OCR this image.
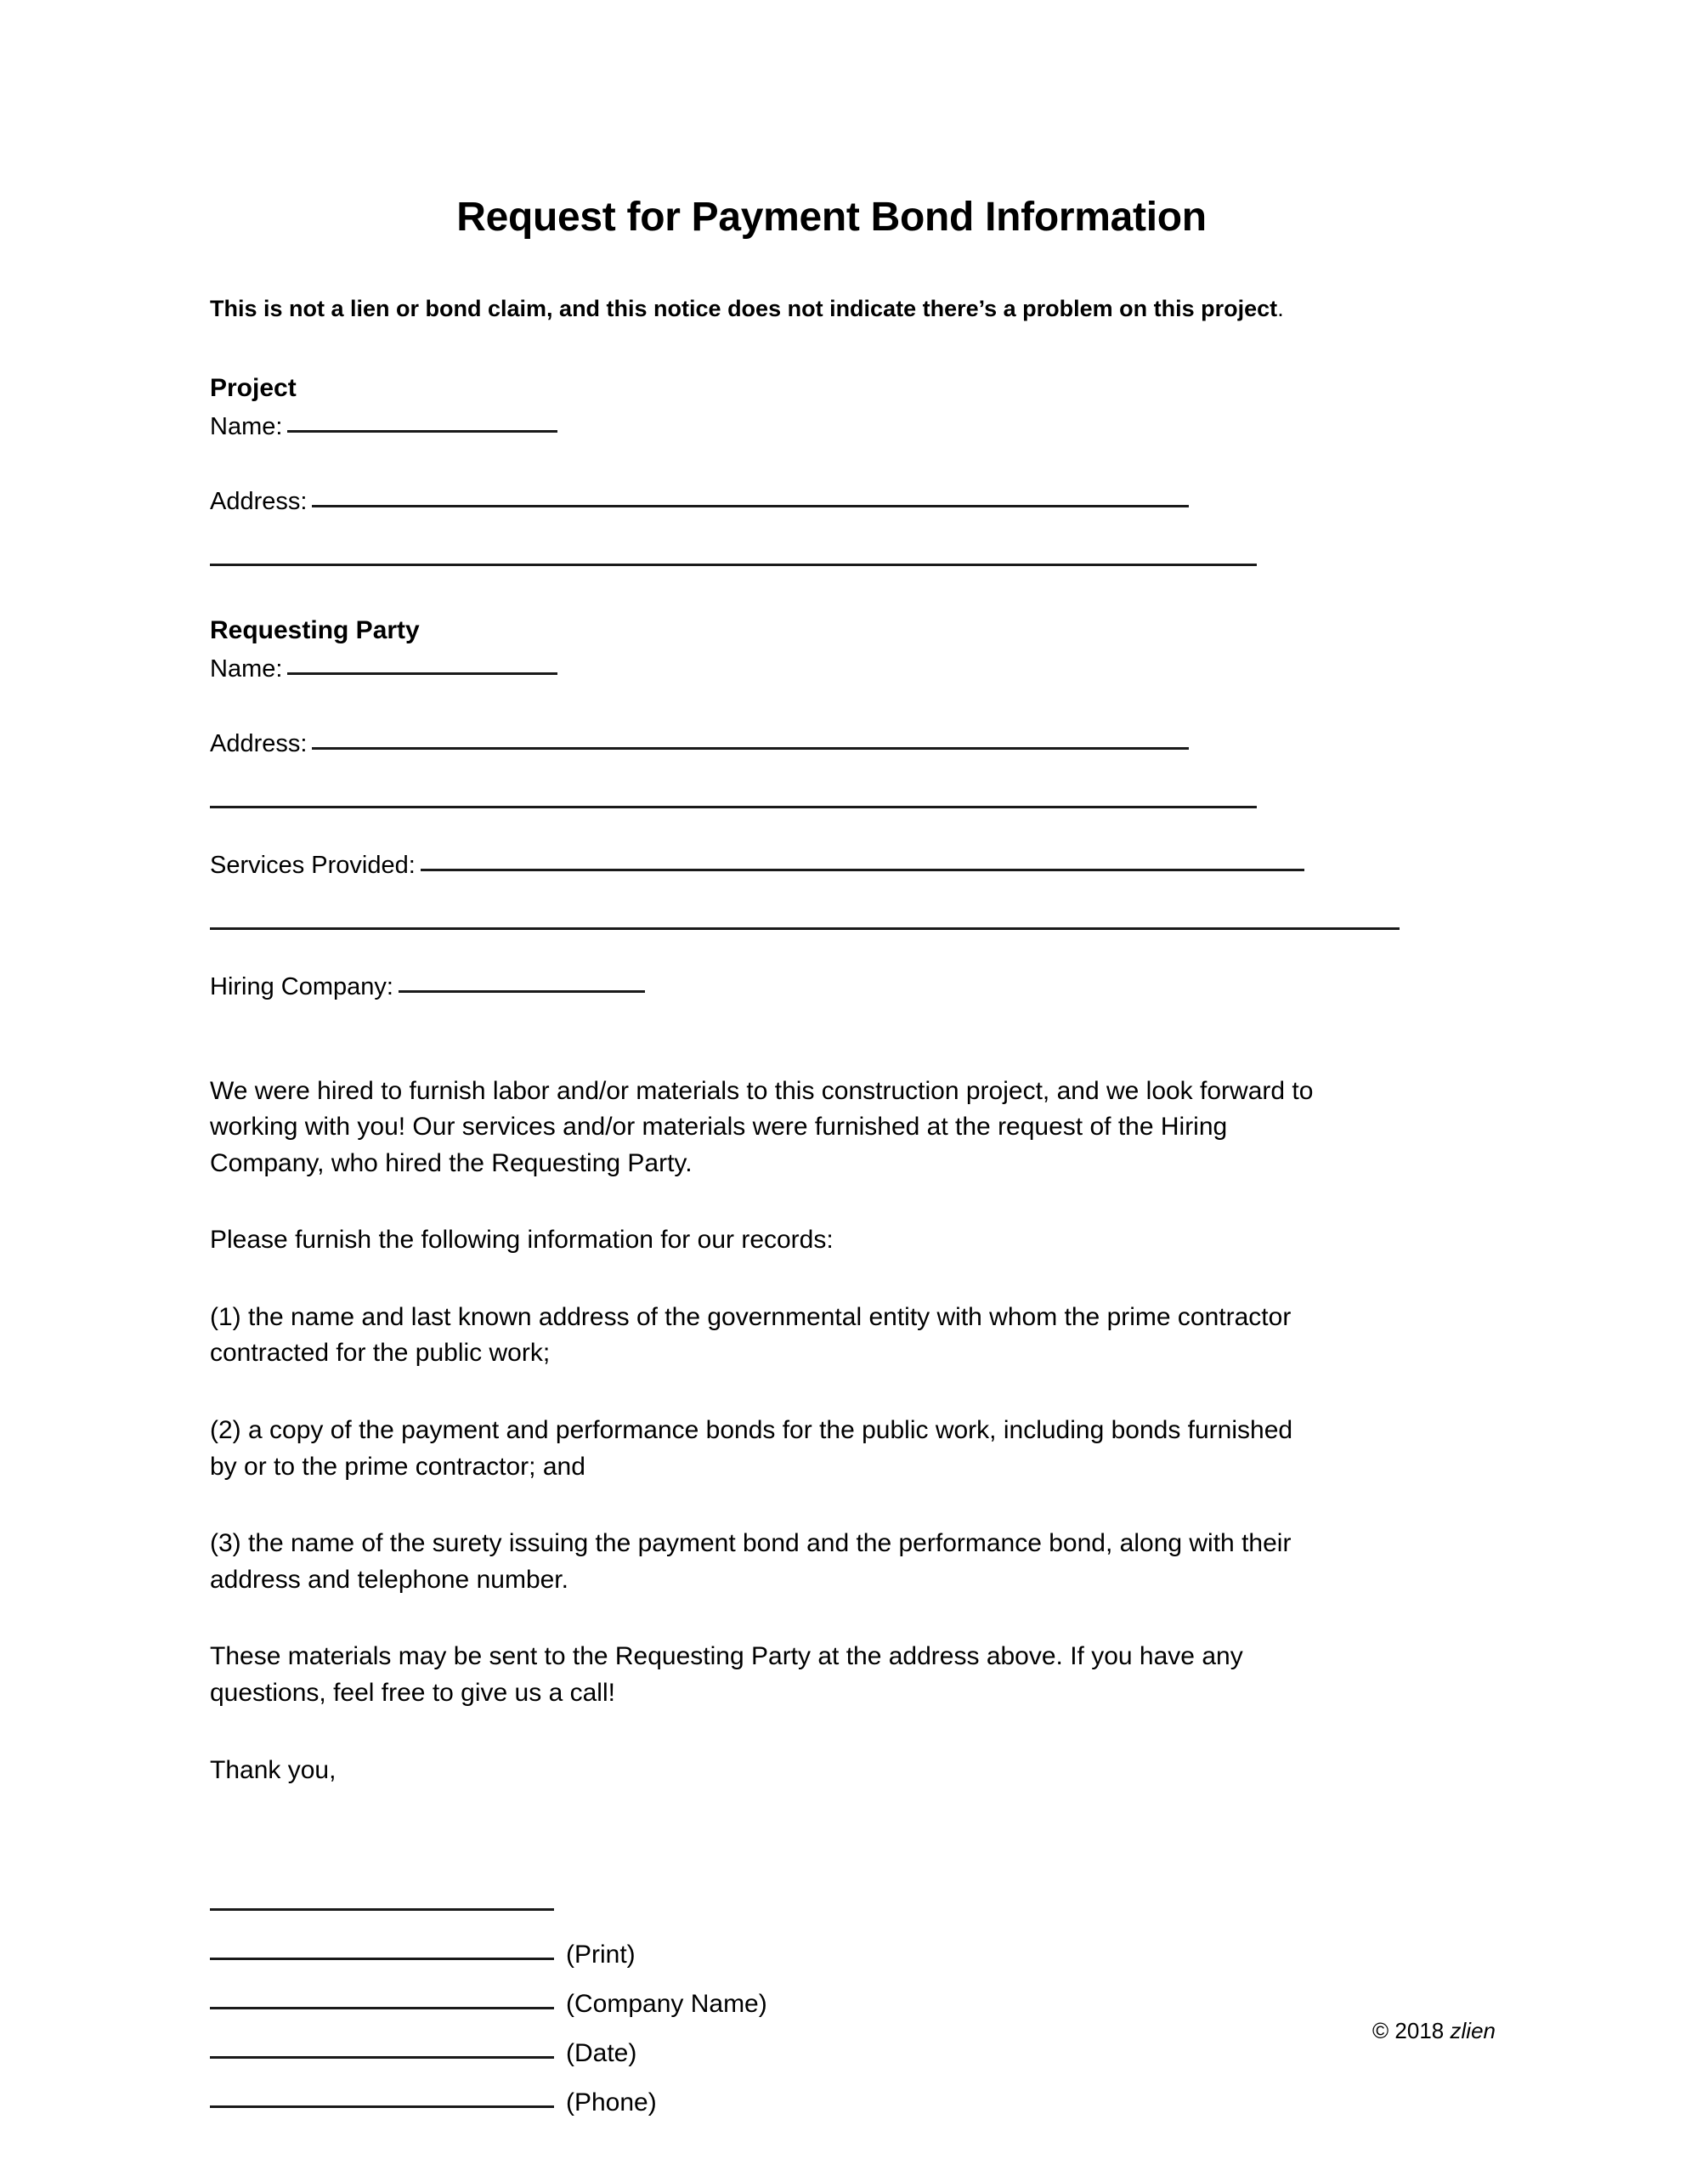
Request for Payment Bond Information
This is not a lien or bond claim, and this notice does not indicate there’s a problem on this project.
Project
Name:
Address:
Requesting Party
Name:
Address:
Services Provided:
Hiring Company:

We were hired to furnish labor and/or materials to this construction project, and we look forward to working with you! Our services and/or materials were furnished at the request of the Hiring Company, who hired the Requesting Party.

Please furnish the following information for our records:

(1) the name and last known address of the governmental entity with whom the prime contractor contracted for the public work;

(2) a copy of the payment and performance bonds for the public work, including bonds furnished by or to the prime contractor; and

(3) the name of the surety issuing the payment bond and the performance bond, along with their address and telephone number.

These materials may be sent to the Requesting Party at the address above. If you have any questions, feel free to give us a call!

Thank you,

(Print)
(Company Name)
(Date)
(Phone)
© 2018 zlien
